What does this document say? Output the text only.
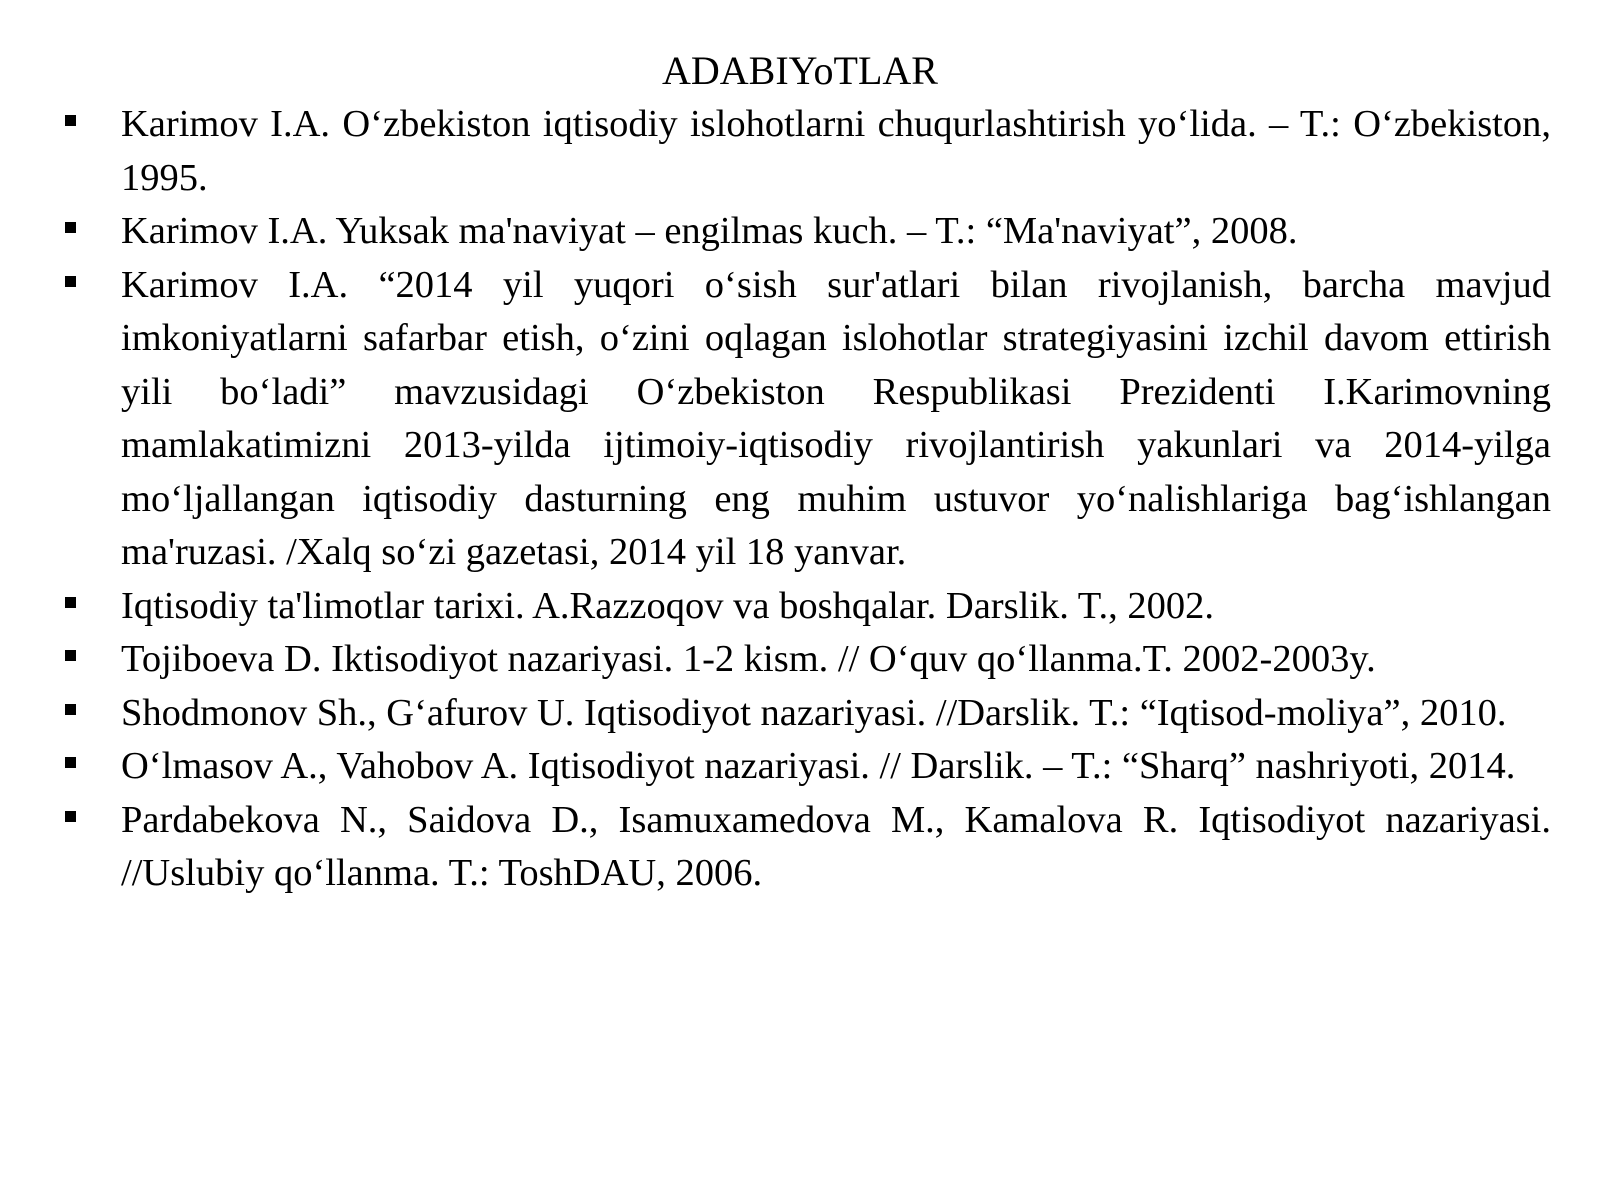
ADABIYoTLAR
Karimov I.A. O‘zbekiston iqtisodiy islohotlarni chuqurlashtirish yo‘lida. – T.: O‘zbekiston, 1995.
Karimov I.A. Yuksak ma'naviyat – engilmas kuch. – T.: “Ma'naviyat”, 2008.
Karimov I.A. “2014 yil yuqori o‘sish sur'atlari bilan rivojlanish, barcha mavjud imkoniyatlarni safarbar etish, o‘zini oqlagan islohotlar strategiyasini izchil davom ettirish yili bo‘ladi” mavzusidagi O‘zbekiston Respublikasi Prezidenti I.Karimovning mamlakatimizni 2013-yilda ijtimoiy-iqtisodiy rivojlantirish yakunlari va 2014-yilga mo‘ljallangan iqtisodiy dasturning eng muhim ustuvor yo‘nalishlariga bag‘ishlangan ma'ruzasi. /Xalq so‘zi gazetasi, 2014 yil 18 yanvar.
Iqtisodiy ta'limotlar tarixi. A.Razzoqov va boshqalar. Darslik. T., 2002.
Tojiboeva D. Iktisodiyot nazariyasi. 1-2 kism. // O‘quv qo‘llanma.T. 2002-2003y.
Shodmonov Sh., G‘afurov U. Iqtisodiyot nazariyasi. //Darslik. T.: “Iqtisod-moliya”, 2010.
O‘lmasov A., Vahobov A. Iqtisodiyot nazariyasi. // Darslik. – T.: “Sharq” nashriyoti, 2014.
Pardabekova N., Saidova D., Isamuxamedova M., Kamalova R. Iqtisodiyot nazariyasi. //Uslubiy qo‘llanma. T.: ToshDAU, 2006.
